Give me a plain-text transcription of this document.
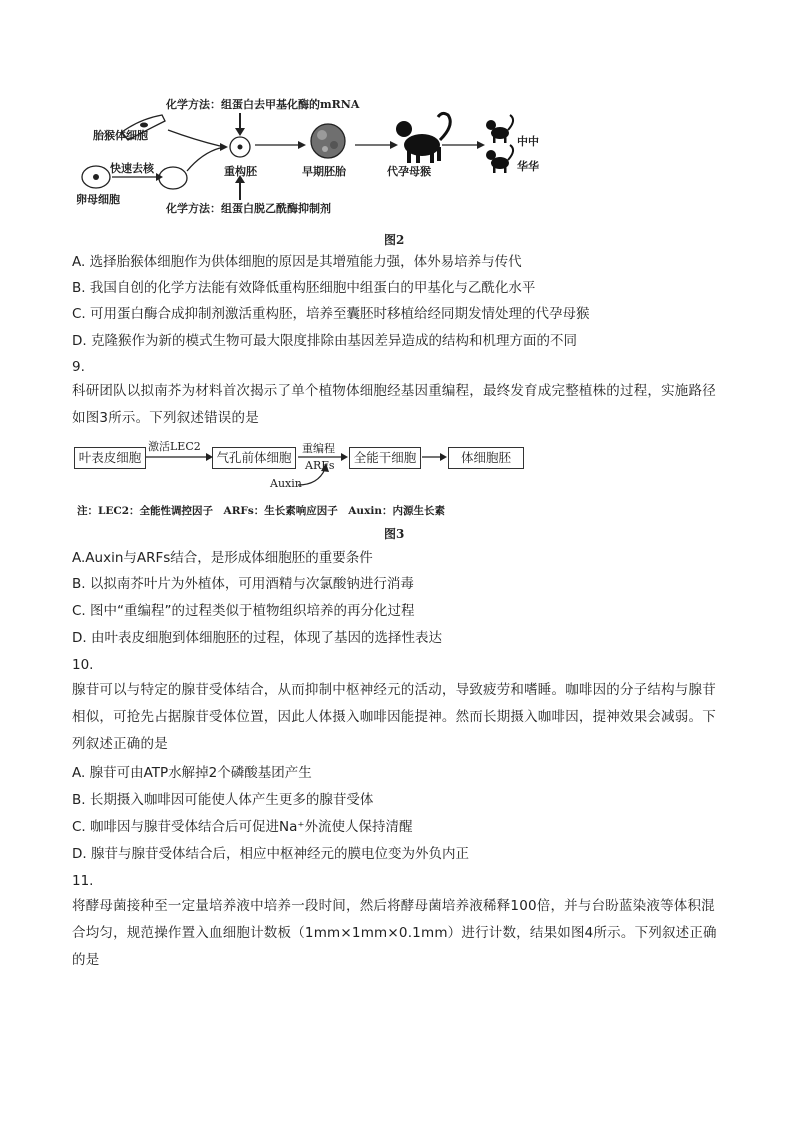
化学方法：组蛋白去甲基化酶的mRNA
胎猴体细胞
快速去核
卵母细胞
重构胚	早期胚胎	代孕母猴
中中
华华
化学方法：组蛋白脱乙酰酶抑制剂
图2
A. 选择胎猴体细胞作为供体细胞的原因是其增殖能力强，体外易培养与传代
B. 我国自创的化学方法能有效降低重构胚细胞中组蛋白的甲基化与乙酰化水平
C. 可用蛋白酶合成抑制剂激活重构胚，培养至囊胚时移植给经同期发情处理的代孕母猴
D. 克隆猴作为新的模式生物可最大限度排除由基因差异造成的结构和机理方面的不同
9.
科研团队以拟南芥为材料首次揭示了单个植物体细胞经基因重编程，最终发育成完整植株的过程，实施路径如图3所示。下列叙述错误的是
叶表皮细胞	气孔前体细胞	全能干细胞	体细胞胚
激活LEC2	重编程
ARFs
Auxin
注：LEC2：全能性调控因子　ARFs：生长素响应因子　Auxin：内源生长素
图3
A.Auxin与ARFs结合，是形成体细胞胚的重要条件
B. 以拟南芥叶片为外植体，可用酒精与次氯酸钠进行消毒
C. 图中“重编程”的过程类似于植物组织培养的再分化过程
D. 由叶表皮细胞到体细胞胚的过程，体现了基因的选择性表达
10.
腺苷可以与特定的腺苷受体结合，从而抑制中枢神经元的活动，导致疲劳和嗜睡。咖啡因的分子结构与腺苷相似，可抢先占据腺苷受体位置，因此人体摄入咖啡因能提神。然而长期摄入咖啡因，提神效果会减弱。下列叙述正确的是
A. 腺苷可由ATP水解掉2个磷酸基团产生
B. 长期摄入咖啡因可能使人体产生更多的腺苷受体
C. 咖啡因与腺苷受体结合后可促进Na⁺外流使人保持清醒
D. 腺苷与腺苷受体结合后，相应中枢神经元的膜电位变为外负内正
11.
将酵母菌接种至一定量培养液中培养一段时间，然后将酵母菌培养液稀释100倍，并与台盼蓝染液等体积混合均匀，规范操作置入血细胞计数板（1mm×1mm×0.1mm）进行计数，结果如图4所示。下列叙述正确的是
